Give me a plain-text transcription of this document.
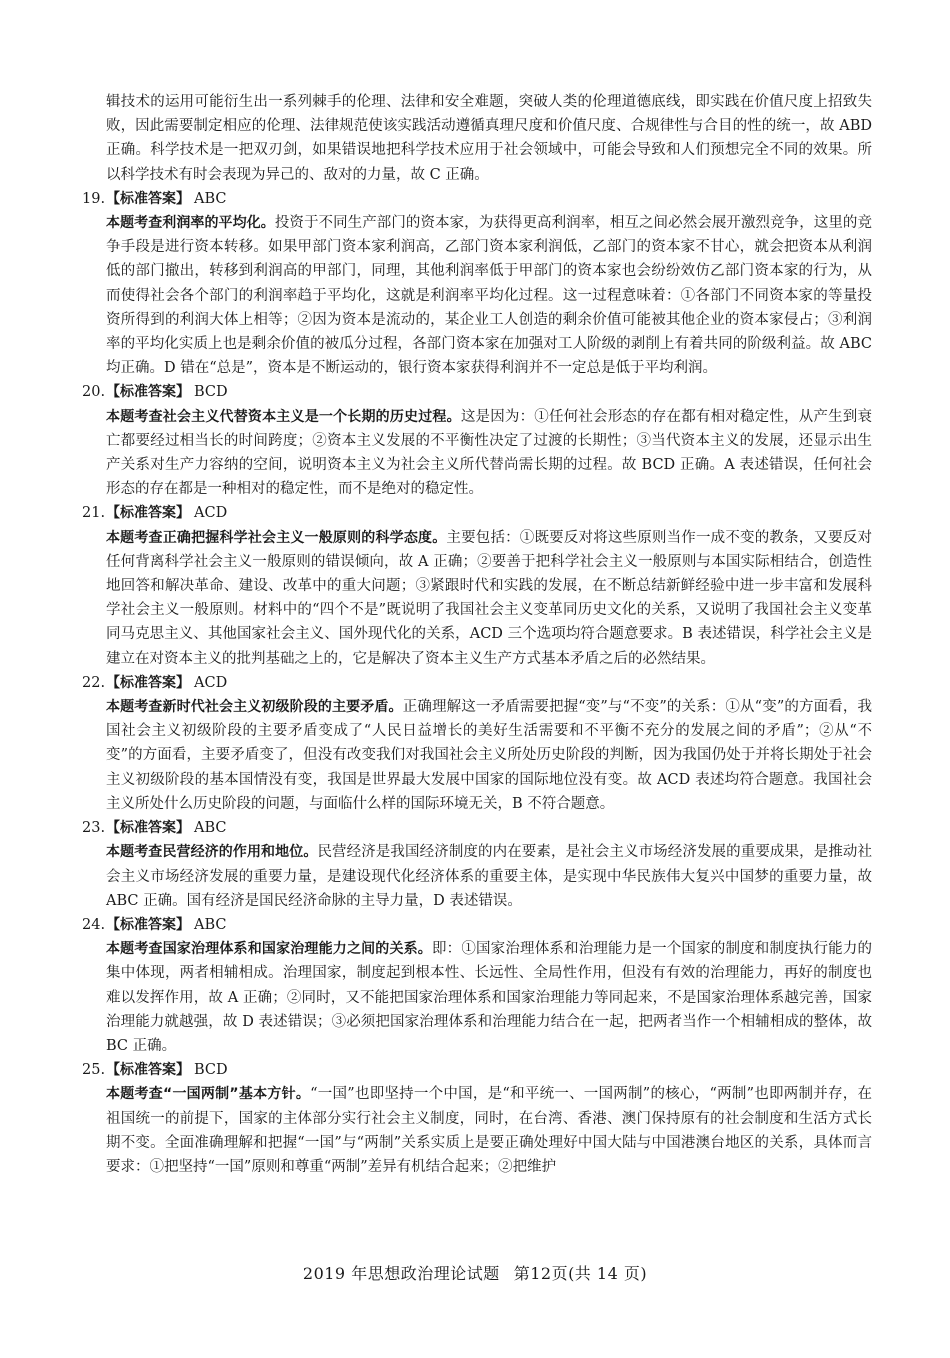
辑技术的运用可能衍生出一系列棘手的伦理、法律和安全难题，突破人类的伦理道德底线，即实践在价值尺度上招致失败，因此需要制定相应的伦理、法律规范使该实践活动遵循真理尺度和价值尺度、合规律性与合目的性的统一，故 ABD 正确。科学技术是一把双刃剑，如果错误地把科学技术应用于社会领域中，可能会导致和人们预想完全不同的效果。所以科学技术有时会表现为异己的、敌对的力量，故 C 正确。

19. 【标准答案】 ABC

本题考查利润率的平均化。投资于不同生产部门的资本家，为获得更高利润率，相互之间必然会展开激烈竞争，这里的竞争手段是进行资本转移。如果甲部门资本家利润高，乙部门资本家利润低，乙部门的资本家不甘心，就会把资本从利润低的部门撤出，转移到利润高的甲部门，同理，其他利润率低于甲部门的资本家也会纷纷效仿乙部门资本家的行为，从而使得社会各个部门的利润率趋于平均化，这就是利润率平均化过程。这一过程意味着：①各部门不同资本家的等量投资所得到的利润大体上相等；②因为资本是流动的，某企业工人创造的剩余价值可能被其他企业的资本家侵占；③利润率的平均化实质上也是剩余价值的被瓜分过程，各部门资本家在加强对工人阶级的剥削上有着共同的阶级利益。故 ABC 均正确。D 错在“总是”，资本是不断运动的，银行资本家获得利润并不一定总是低于平均利润。

20. 【标准答案】 BCD

本题考查社会主义代替资本主义是一个长期的历史过程。这是因为：①任何社会形态的存在都有相对稳定性，从产生到衰亡都要经过相当长的时间跨度；②资本主义发展的不平衡性决定了过渡的长期性；③当代资本主义的发展，还显示出生产关系对生产力容纳的空间，说明资本主义为社会主义所代替尚需长期的过程。故 BCD 正确。A 表述错误，任何社会形态的存在都是一种相对的稳定性，而不是绝对的稳定性。

21. 【标准答案】 ACD

本题考查正确把握科学社会主义一般原则的科学态度。主要包括：①既要反对将这些原则当作一成不变的教条，又要反对任何背离科学社会主义一般原则的错误倾向，故 A 正确；②要善于把科学社会主义一般原则与本国实际相结合，创造性地回答和解决革命、建设、改革中的重大问题；③紧跟时代和实践的发展，在不断总结新鲜经验中进一步丰富和发展科学社会主义一般原则。材料中的“四个不是”既说明了我国社会主义变革同历史文化的关系，又说明了我国社会主义变革同马克思主义、其他国家社会主义、国外现代化的关系，ACD 三个选项均符合题意要求。B 表述错误，科学社会主义是建立在对资本主义的批判基础之上的，它是解决了资本主义生产方式基本矛盾之后的必然结果。

22. 【标准答案】 ACD

本题考查新时代社会主义初级阶段的主要矛盾。正确理解这一矛盾需要把握“变”与“不变”的关系：①从“变”的方面看，我国社会主义初级阶段的主要矛盾变成了“人民日益增长的美好生活需要和不平衡不充分的发展之间的矛盾”；②从“不变”的方面看，主要矛盾变了，但没有改变我们对我国社会主义所处历史阶段的判断，因为我国仍处于并将长期处于社会主义初级阶段的基本国情没有变，我国是世界最大发展中国家的国际地位没有变。故 ACD 表述均符合题意。我国社会主义所处什么历史阶段的问题，与面临什么样的国际环境无关，B 不符合题意。

23. 【标准答案】 ABC

本题考查民营经济的作用和地位。民营经济是我国经济制度的内在要素，是社会主义市场经济发展的重要成果，是推动社会主义市场经济发展的重要力量，是建设现代化经济体系的重要主体，是实现中华民族伟大复兴中国梦的重要力量，故 ABC 正确。国有经济是国民经济命脉的主导力量，D 表述错误。

24. 【标准答案】 ABC

本题考查国家治理体系和国家治理能力之间的关系。即：①国家治理体系和治理能力是一个国家的制度和制度执行能力的集中体现，两者相辅相成。治理国家，制度起到根本性、长远性、全局性作用，但没有有效的治理能力，再好的制度也难以发挥作用，故 A 正确；②同时，又不能把国家治理体系和国家治理能力等同起来，不是国家治理体系越完善，国家治理能力就越强，故 D 表述错误；③必须把国家治理体系和治理能力结合在一起，把两者当作一个相辅相成的整体，故 BC 正确。

25. 【标准答案】 BCD

本题考查“一国两制”基本方针。“一国”也即坚持一个中国，是“和平统一、一国两制”的核心，“两制”也即两制并存，在祖国统一的前提下，国家的主体部分实行社会主义制度，同时，在台湾、香港、澳门保持原有的社会制度和生活方式长期不变。全面准确理解和把握“一国”与“两制”关系实质上是要正确处理好中国大陆与中国港澳台地区的关系，具体而言要求：①把坚持“一国”原则和尊重“两制”差异有机结合起来；②把维护

2019 年思想政治理论试题 第12页(共 14 页)
